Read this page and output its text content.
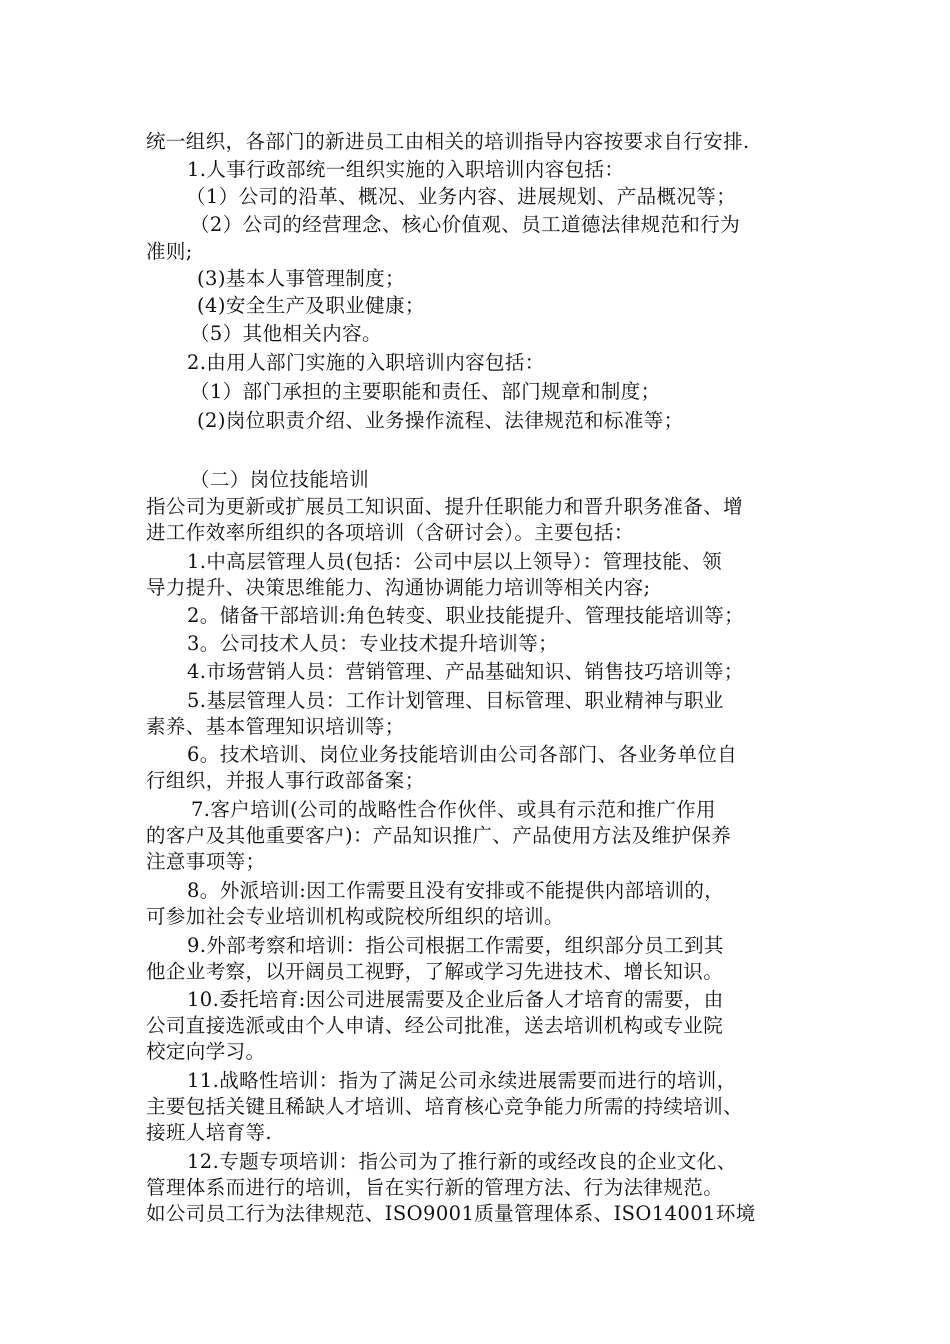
统一组织，各部门的新进员工由相关的培训指导内容按要求自行安排.
1.人事行政部统一组织实施的入职培训内容包括：
（1）公司的沿革、概况、业务内容、进展规划、产品概况等；
（2）公司的经营理念、核心价值观、员工道德法律规范和行为
准则;
(3)基本人事管理制度；
(4)安全生产及职业健康；
（5）其他相关内容。
2.由用人部门实施的入职培训内容包括：
（1）部门承担的主要职能和责任、部门规章和制度；
(2)岗位职责介绍、业务操作流程、法律规范和标准等；
（二）岗位技能培训
指公司为更新或扩展员工知识面、提升任职能力和晋升职务准备、增
进工作效率所组织的各项培训（含研讨会）。主要包括：
1.中高层管理人员(包括：公司中层以上领导）：管理技能、领
导力提升、决策思维能力、沟通协调能力培训等相关内容;
2。储备干部培训:角色转变、职业技能提升、管理技能培训等；
3。公司技术人员：专业技术提升培训等；
4.市场营销人员：营销管理、产品基础知识、销售技巧培训等；
5.基层管理人员：工作计划管理、目标管理、职业精神与职业
素养、基本管理知识培训等；
6。技术培训、岗位业务技能培训由公司各部门、各业务单位自
行组织，并报人事行政部备案；
7.客户培训(公司的战略性合作伙伴、或具有示范和推广作用
的客户及其他重要客户)：产品知识推广、产品使用方法及维护保养
注意事项等；
8。外派培训:因工作需要且没有安排或不能提供内部培训的，
可参加社会专业培训机构或院校所组织的培训。
9.外部考察和培训：指公司根据工作需要，组织部分员工到其
他企业考察，以开阔员工视野，了解或学习先进技术、增长知识。
10.委托培育:因公司进展需要及企业后备人才培育的需要，由
公司直接选派或由个人申请、经公司批准，送去培训机构或专业院
校定向学习。
11.战略性培训：指为了满足公司永续进展需要而进行的培训，
主要包括关键且稀缺人才培训、培育核心竞争能力所需的持续培训、
接班人培育等.
12.专题专项培训：指公司为了推行新的或经改良的企业文化、
管理体系而进行的培训，旨在实行新的管理方法、行为法律规范。
如公司员工行为法律规范、ISO9001质量管理体系、ISO14001环境
